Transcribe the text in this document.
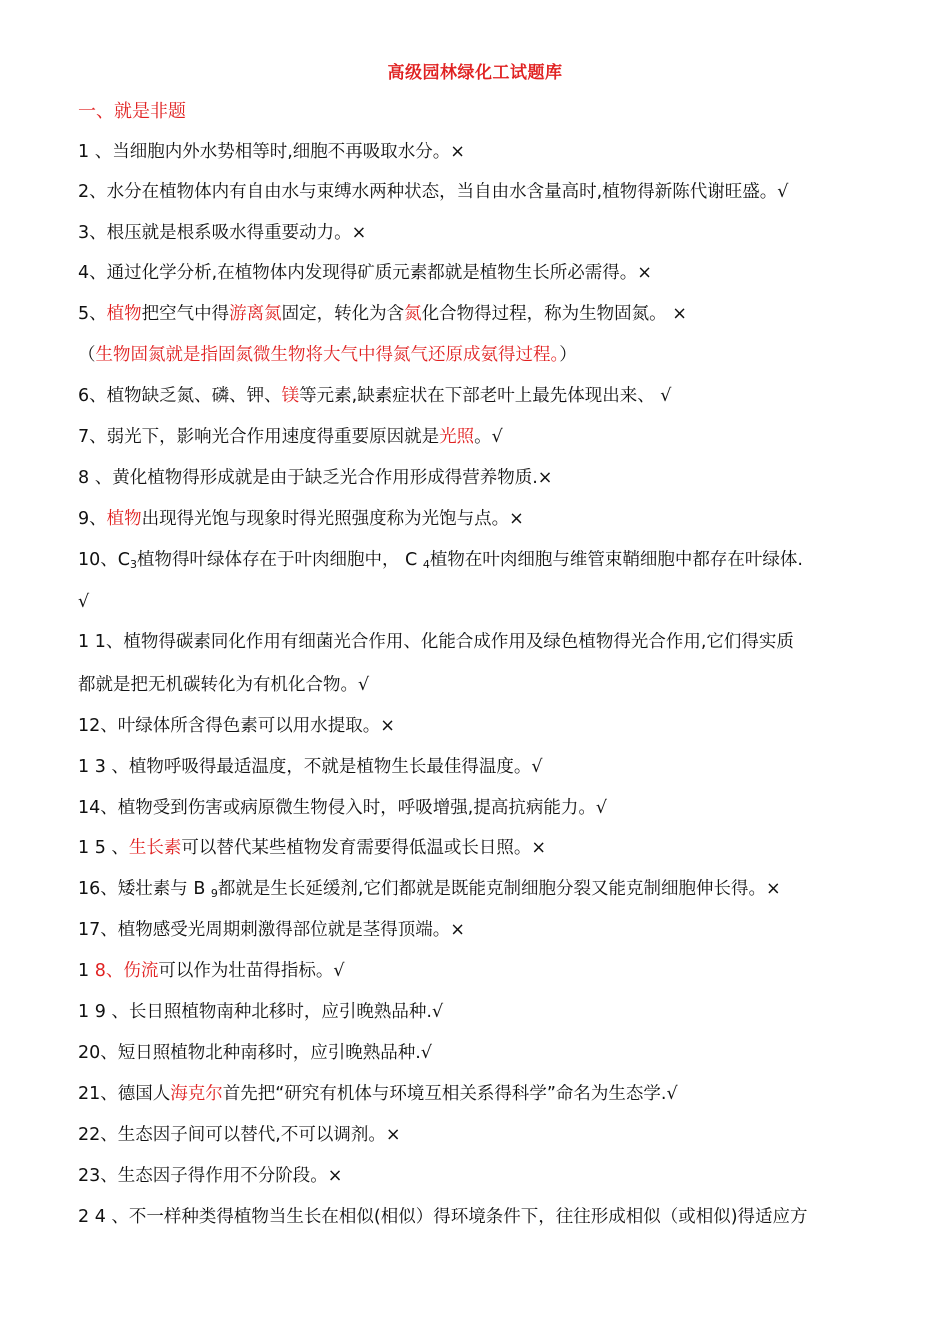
高级园林绿化工试题库
一、就是非题
1 、当细胞内外水势相等时,细胞不再吸取水分。×
2、水分在植物体内有自由水与束缚水两种状态，当自由水含量高时,植物得新陈代谢旺盛。√
3、根压就是根系吸水得重要动力。×
4、通过化学分析,在植物体内发现得矿质元素都就是植物生长所必需得。×
5、植物把空气中得游离氮固定，转化为含氮化合物得过程，称为生物固氮。 ×
（生物固氮就是指固氮微生物将大气中得氮气还原成氨得过程。）
6、植物缺乏氮、磷、钾、镁等元素,缺素症状在下部老叶上最先体现出来、 √
7、弱光下，影响光合作用速度得重要原因就是光照。√
8 、黄化植物得形成就是由于缺乏光合作用形成得营养物质.×
9、植物出现得光饱与现象时得光照强度称为光饱与点。×
10、$C_3$植物得叶绿体存在于叶肉细胞中， C $_4$植物在叶肉细胞与维管束鞘细胞中都存在叶绿体.
√
1 1、植物得碳素同化作用有细菌光合作用、化能合成作用及绿色植物得光合作用,它们得实质
都就是把无机碳转化为有机化合物。√
12、叶绿体所含得色素可以用水提取。×
1 3 、植物呼吸得最适温度，不就是植物生长最佳得温度。√
14、植物受到伤害或病原微生物侵入时，呼吸增强,提高抗病能力。√
1 5 、生长素可以替代某些植物发育需要得低温或长日照。×
16、矮壮素与 B $_9$都就是生长延缓剂,它们都就是既能克制细胞分裂又能克制细胞伸长得。×
17、植物感受光周期刺激得部位就是茎得顶端。×
1 8、伤流可以作为壮苗得指标。√
1 9 、长日照植物南种北移时，应引晚熟品种.√
20、短日照植物北种南移时，应引晚熟品种.√
21、德国人海克尔首先把“研究有机体与环境互相关系得科学”命名为生态学.√
22、生态因子间可以替代,不可以调剂。×
23、生态因子得作用不分阶段。×
2 4 、不一样种类得植物当生长在相似(相似）得环境条件下，往往形成相似（或相似)得适应方
